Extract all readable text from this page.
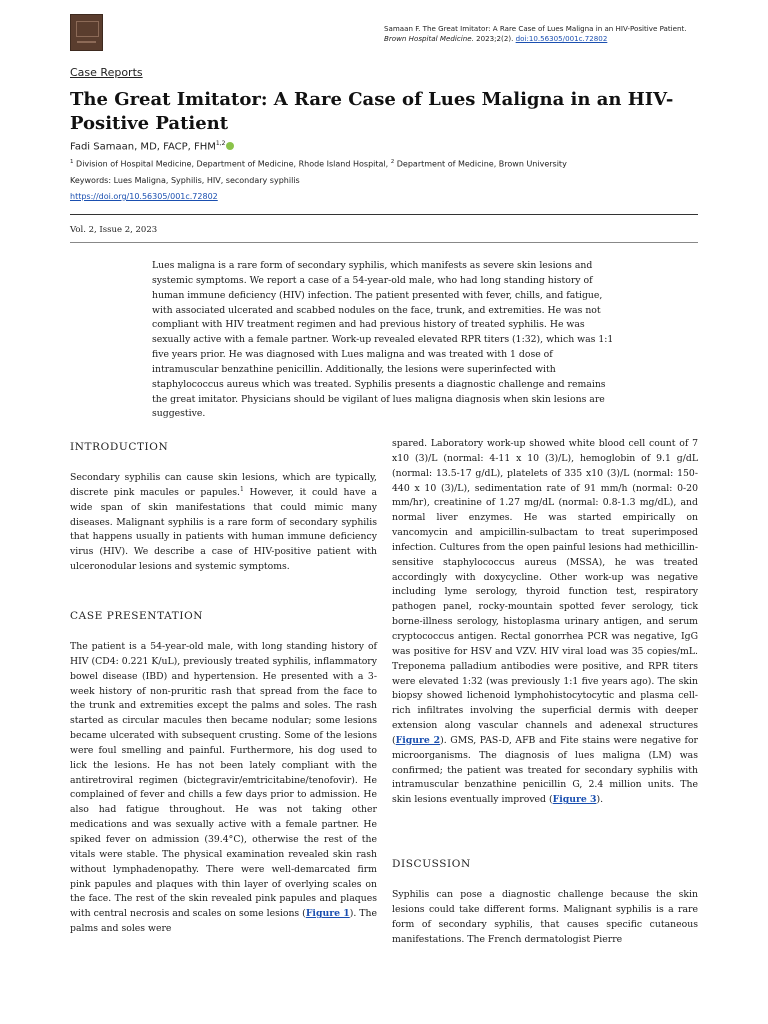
Samaan F. The Great Imitator: A Rare Case of Lues Maligna in an HIV-Positive Patient.
Brown Hospital Medicine. 2023;2(2). doi:10.56305/001c.72802
Case Reports
The Great Imitator: A Rare Case of Lues Maligna in an HIV-Positive Patient
Fadi Samaan, MD, FACP, FHM$^{1,2}$
$^1$ Division of Hospital Medicine, Department of Medicine, Rhode Island Hospital, $^2$ Department of Medicine, Brown University
Keywords: Lues Maligna, Syphilis, HIV, secondary syphilis
https://doi.org/10.56305/001c.72802
Vol. 2, Issue 2, 2023
Lues maligna is a rare form of secondary syphilis, which manifests as severe skin lesions and systemic symptoms. We report a case of a 54-year-old male, who had long standing history of human immune deficiency (HIV) infection. The patient presented with fever, chills, and fatigue, with associated ulcerated and scabbed nodules on the face, trunk, and extremities. He was not compliant with HIV treatment regimen and had previous history of treated syphilis. He was sexually active with a female partner. Work-up revealed elevated RPR titers (1:32), which was 1:1 five years prior. He was diagnosed with Lues maligna and was treated with 1 dose of intramuscular benzathine penicillin. Additionally, the lesions were superinfected with staphylococcus aureus which was treated. Syphilis presents a diagnostic challenge and remains the great imitator. Physicians should be vigilant of lues maligna diagnosis when skin lesions are suggestive.
INTRODUCTION

Secondary syphilis can cause skin lesions, which are typically, discrete pink macules or papules.$^1$ However, it could have a wide span of skin manifestations that could mimic many diseases. Malignant syphilis is a rare form of secondary syphilis that happens usually in patients with human immune deficiency virus (HIV). We describe a case of HIV-positive patient with ulceronodular lesions and systemic symptoms.

CASE PRESENTATION

The patient is a 54-year-old male, with long standing history of HIV (CD4: 0.221 K/uL), previously treated syphilis, inflammatory bowel disease (IBD) and hypertension. He presented with a 3-week history of non-pruritic rash that spread from the face to the trunk and extremities except the palms and soles. The rash started as circular macules then became nodular; some lesions became ulcerated with subsequent crusting. Some of the lesions were foul smelling and painful. Furthermore, his dog used to lick the lesions. He has not been lately compliant with the antiretroviral regimen (bictegravir/emtricitabine/tenofovir). He complained of fever and chills a few days prior to admission. He also had fatigue throughout. He was not taking other medications and was sexually active with a female partner. He spiked fever on admission (39.4°C), otherwise the rest of the vitals were stable. The physical examination revealed skin rash without lymphadenopathy. There were well-demarcated firm pink papules and plaques with thin layer of overlying scales on the face. The rest of the skin revealed pink papules and plaques with central necrosis and scales on some lesions (Figure 1). The palms and soles were

spared. Laboratory work-up showed white blood cell count of 7 x10 (3)/L (normal: 4-11 x 10 (3)/L), hemoglobin of 9.1 g/dL (normal: 13.5-17 g/dL), platelets of 335 x10 (3)/L (normal: 150-440 x 10 (3)/L), sedimentation rate of 91 mm/h (normal: 0-20 mm/hr), creatinine of 1.27 mg/dL (normal: 0.8-1.3 mg/dL), and normal liver enzymes. He was started empirically on vancomycin and ampicillin-sulbactam to treat superimposed infection. Cultures from the open painful lesions had methicillin-sensitive staphylococcus aureus (MSSA), he was treated accordingly with doxycycline. Other work-up was negative including lyme serology, thyroid function test, respiratory pathogen panel, rocky-mountain spotted fever serology, tick borne-illness serology, histoplasma urinary antigen, and serum cryptococcus antigen. Rectal gonorrhea PCR was negative, IgG was positive for HSV and VZV. HIV viral load was 35 copies/mL. Treponema palladium antibodies were positive, and RPR titers were elevated 1:32 (was previously 1:1 five years ago). The skin biopsy showed lichenoid lymphohistocytocytic and plasma cell-rich infiltrates involving the superficial dermis with deeper extension along vascular channels and adenexal structures (Figure 2). GMS, PAS-D, AFB and Fite stains were negative for microorganisms. The diagnosis of lues maligna (LM) was confirmed; the patient was treated for secondary syphilis with intramuscular benzathine penicillin G, 2.4 million units. The skin lesions eventually improved (Figure 3).

DISCUSSION

Syphilis can pose a diagnostic challenge because the skin lesions could take different forms. Malignant syphilis is a rare form of secondary syphilis, that causes specific cutaneous manifestations. The French dermatologist Pierre
